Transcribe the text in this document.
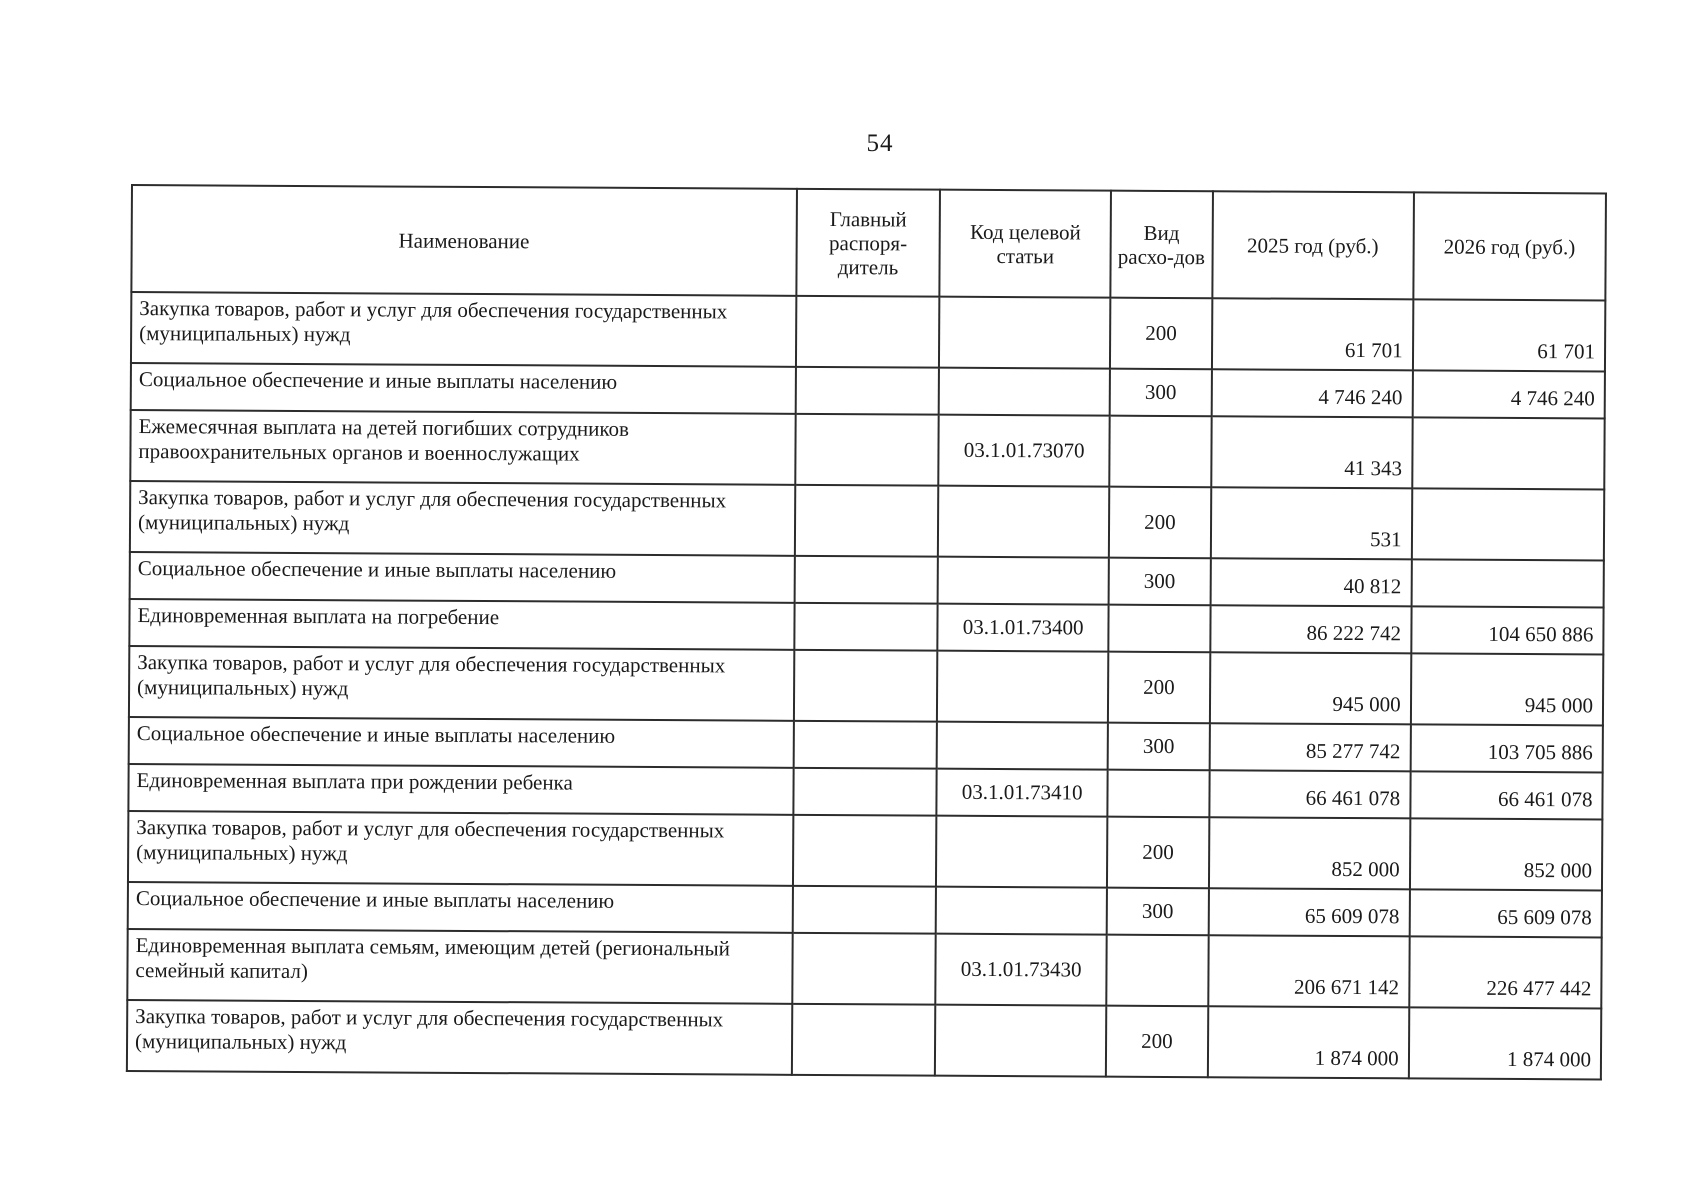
54
Наименование	Главный распоря-дитель	Код целевой статьи	Вид расхо-дов	2025 год (руб.)	2026 год (руб.)
Закупка товаров, работ и услуг для обеспечения государственных (муниципальных) нужд			200	61 701	61 701
Социальное обеспечение и иные выплаты населению			300	4 746 240	4 746 240
Ежемесячная выплата на детей погибших сотрудников правоохранительных органов и военнослужащих		03.1.01.73070		41 343	
Закупка товаров, работ и услуг для обеспечения государственных (муниципальных) нужд			200	531	
Социальное обеспечение и иные выплаты населению			300	40 812	
Единовременная выплата на погребение		03.1.01.73400		86 222 742	104 650 886
Закупка товаров, работ и услуг для обеспечения государственных (муниципальных) нужд			200	945 000	945 000
Социальное обеспечение и иные выплаты населению			300	85 277 742	103 705 886
Единовременная выплата при рождении ребенка		03.1.01.73410		66 461 078	66 461 078
Закупка товаров, работ и услуг для обеспечения государственных (муниципальных) нужд			200	852 000	852 000
Социальное обеспечение и иные выплаты населению			300	65 609 078	65 609 078
Единовременная выплата семьям, имеющим детей (региональный семейный капитал)		03.1.01.73430		206 671 142	226 477 442
Закупка товаров, работ и услуг для обеспечения государственных (муниципальных) нужд			200	1 874 000	1 874 000
